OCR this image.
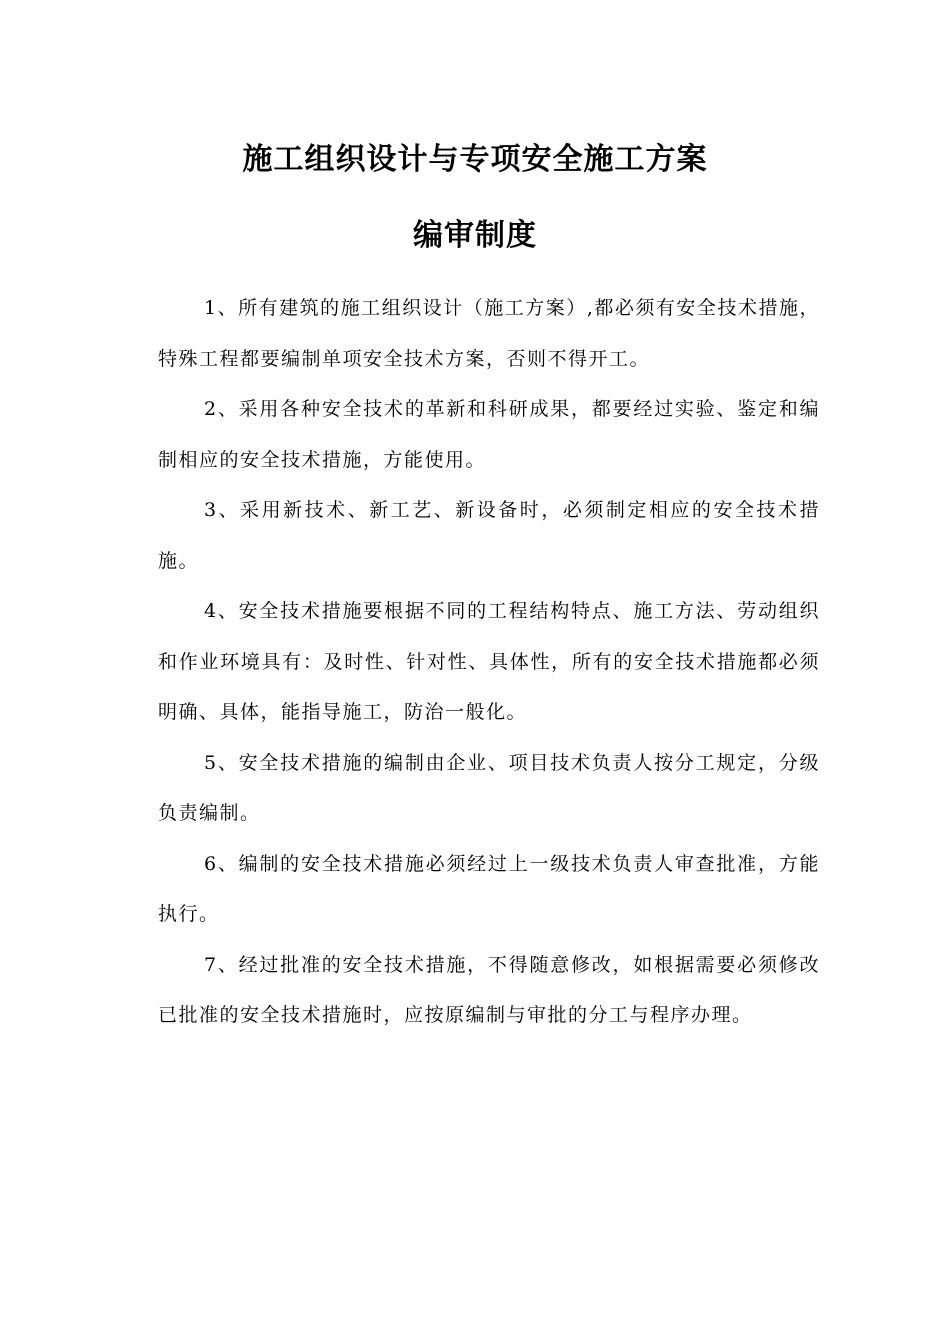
施工组织设计与专项安全施工方案
编审制度

1、所有建筑的施工组织设计（施工方案）,都必须有安全技术措施，特殊工程都要编制单项安全技术方案，否则不得开工。

2、采用各种安全技术的革新和科研成果，都要经过实验、鉴定和编制相应的安全技术措施，方能使用。

3、采用新技术、新工艺、新设备时，必须制定相应的安全技术措施。

4、安全技术措施要根据不同的工程结构特点、施工方法、劳动组织和作业环境具有：及时性、针对性、具体性，所有的安全技术措施都必须明确、具体，能指导施工，防治一般化。

5、安全技术措施的编制由企业、项目技术负责人按分工规定，分级负责编制。

6、编制的安全技术措施必须经过上一级技术负责人审查批准，方能执行。

7、经过批准的安全技术措施，不得随意修改，如根据需要必须修改已批准的安全技术措施时，应按原编制与审批的分工与程序办理。
